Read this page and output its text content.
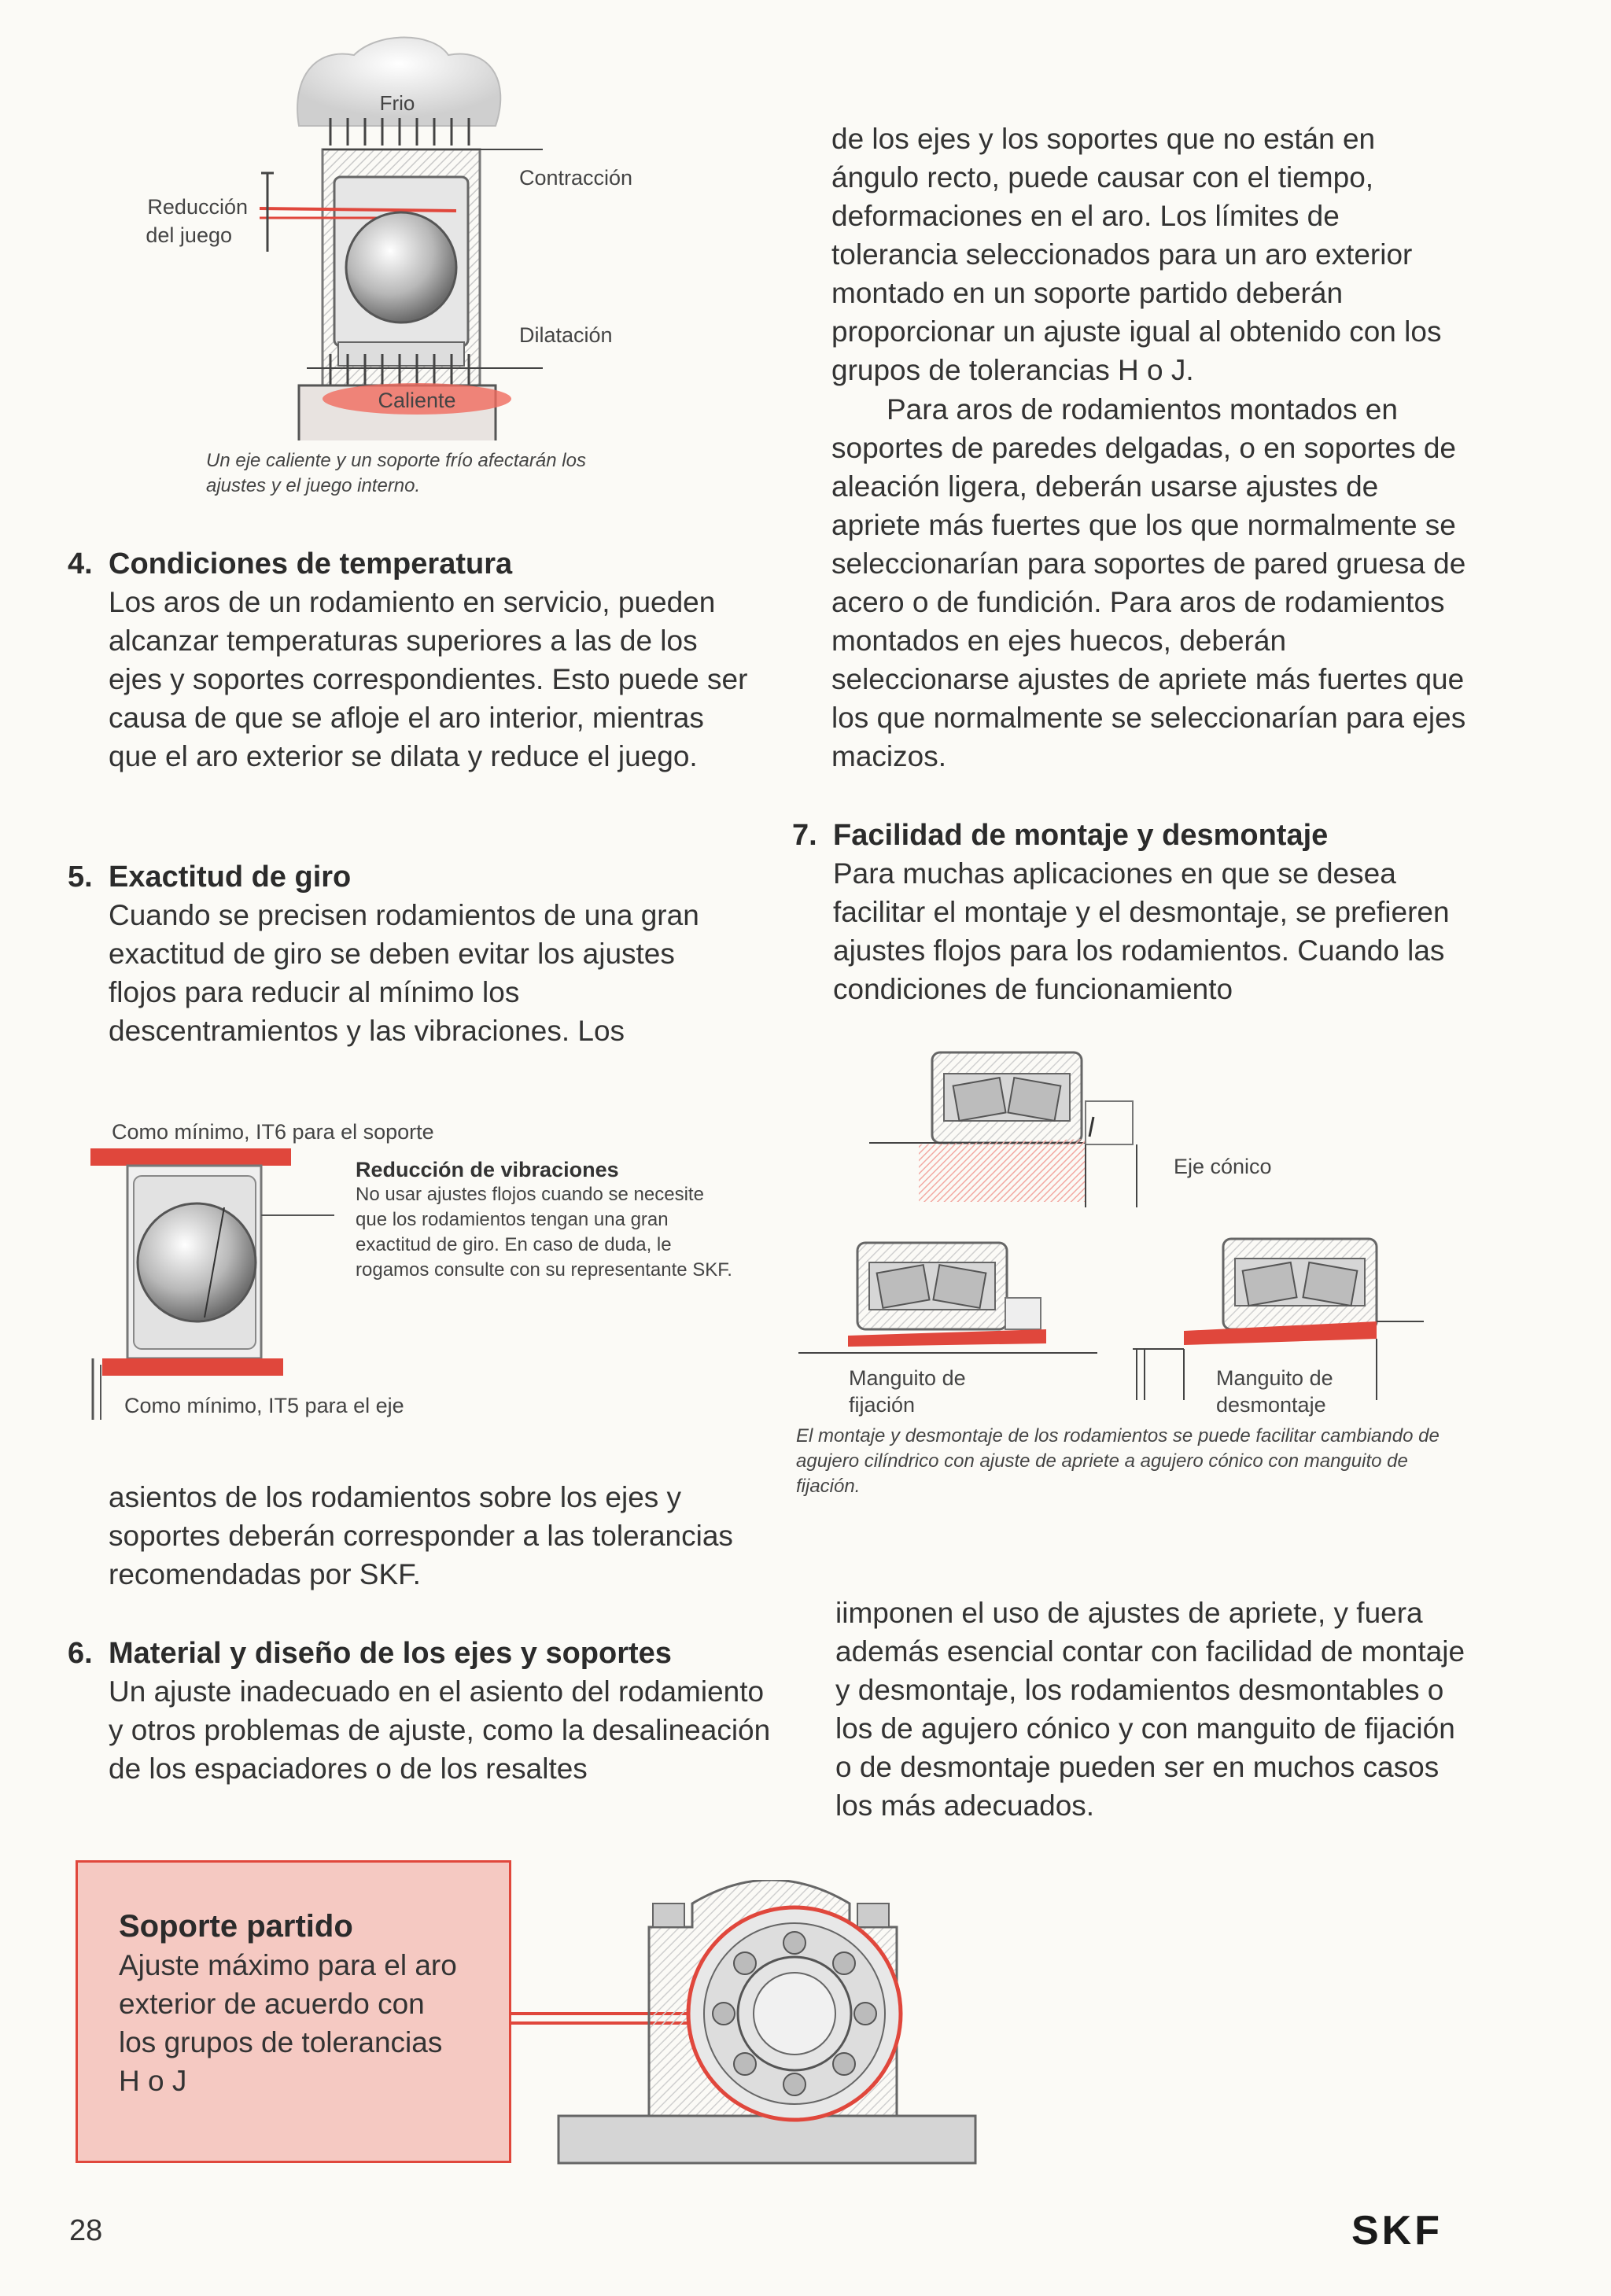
Frio
Contracción
Reducción
del juego
Dilatación
Caliente
Un eje caliente y un soporte frío afectarán los ajustes y el juego interno.
4. Condiciones de temperatura
Los aros de un rodamiento en servicio, pueden alcanzar temperaturas superiores a las de los ejes y soportes correspondientes. Esto puede ser causa de que se afloje el aro interior, mientras que el aro exterior se dilata y reduce el juego.
5. Exactitud de giro
Cuando se precisen rodamientos de una gran exactitud de giro se deben evitar los ajustes flojos para reducir al mínimo los descentramientos y las vibraciones. Los
Como mínimo, IT6 para el soporte
Reducción de vibraciones
No usar ajustes flojos cuando se necesite que los rodamientos tengan una gran exactitud de giro. En caso de duda, le rogamos consulte con su representante SKF.
Como mínimo, IT5 para el eje
asientos de los rodamientos sobre los ejes y soportes deberán corresponder a las tolerancias recomendadas por SKF.
6. Material y diseño de los ejes y soportes
Un ajuste inadecuado en el asiento del rodamiento y otros problemas de ajuste, como la desalineación de los espaciadores o de los resaltes
de los ejes y los soportes que no están en ángulo recto, puede causar con el tiempo, deformaciones en el aro. Los límites de tolerancia seleccionados para un aro exterior montado en un soporte partido deberán proporcionar un ajuste igual al obtenido con los grupos de tolerancias H o J.
Para aros de rodamientos montados en soportes de paredes delgadas, o en soportes de aleación ligera, deberán usarse ajustes de apriete más fuertes que los que normalmente se seleccionarían para soportes de pared gruesa de acero o de fundición. Para aros de rodamientos montados en ejes huecos, deberán seleccionarse ajustes de apriete más fuertes que los que normalmente se seleccionarían para ejes macizos.
7. Facilidad de montaje y desmontaje
Para muchas aplicaciones en que se desea facilitar el montaje y el desmontaje, se prefieren ajustes flojos para los rodamientos. Cuando las condiciones de funcionamiento
Eje cónico
Manguito de fijación
Manguito de desmontaje
El montaje y desmontaje de los rodamientos se puede facilitar cambiando de agujero cilíndrico con ajuste de apriete a agujero cónico con manguito de fijación.
iimponen el uso de ajustes de apriete, y fuera además esencial contar con facilidad de montaje y desmontaje, los rodamientos desmontables o los de agujero cónico y con manguito de fijación o de desmontaje pueden ser en muchos casos los más adecuados.
Soporte partido
Ajuste máximo para el aro exterior de acuerdo con los grupos de tolerancias H o J
28	SKF
